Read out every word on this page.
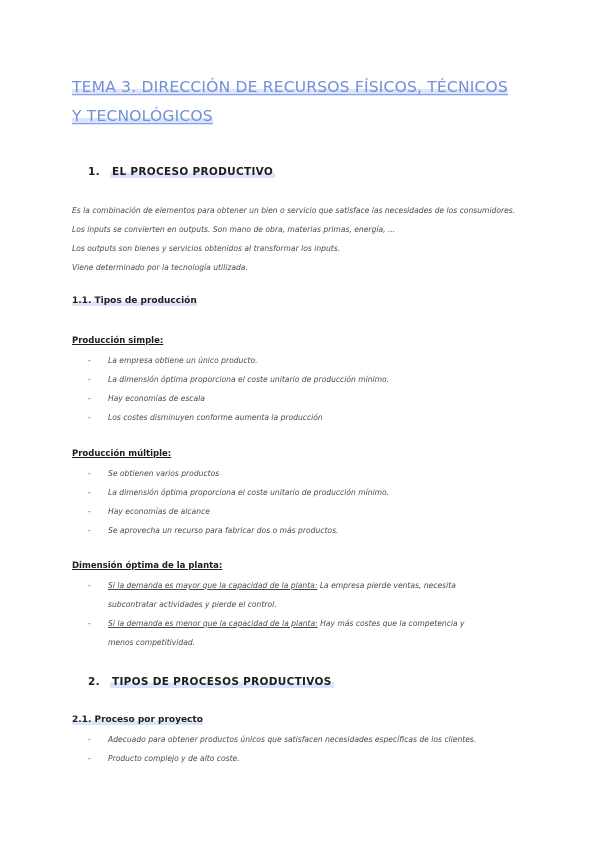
TEMA 3. DIRECCIÓN DE RECURSOS FÍSICOS, TÉCNICOS
Y TECNOLÓGICOS
1. EL PROCESO PRODUCTIVO

Es la combinación de elementos para obtener un bien o servicio que satisface las necesidades de los consumidores.

Los inputs se convierten en outputs. Son mano de obra, materias primas, energía, ...

Los outputs son bienes y servicios obtenidos al transformar los inputs.

Viene determinado por la tecnología utilizada.

1.1. Tipos de producción

Producción simple:

- La empresa obtiene un único producto.
- La dimensión óptima proporciona el coste unitario de producción mínimo.
- Hay economías de escala
- Los costes disminuyen conforme aumenta la producción

Producción múltiple:

- Se obtienen varios productos
- La dimensión óptima proporciona el coste unitario de producción mínimo.
- Hay economías de alcance
- Se aprovecha un recurso para fabricar dos o más productos.

Dimensión óptima de la planta:

- Si la demanda es mayor que la capacidad de la planta: La empresa pierde ventas, necesita subcontratar actividades y pierde el control.
- Si la demanda es menor que la capacidad de la planta: Hay más costes que la competencia y menos competitividad.
2. TIPOS DE PROCESOS PRODUCTIVOS
2.1. Proceso por proyecto
- Adecuado para obtener productos únicos que satisfacen necesidades específicas de los clientes.
- Producto complejo y de alto coste.
